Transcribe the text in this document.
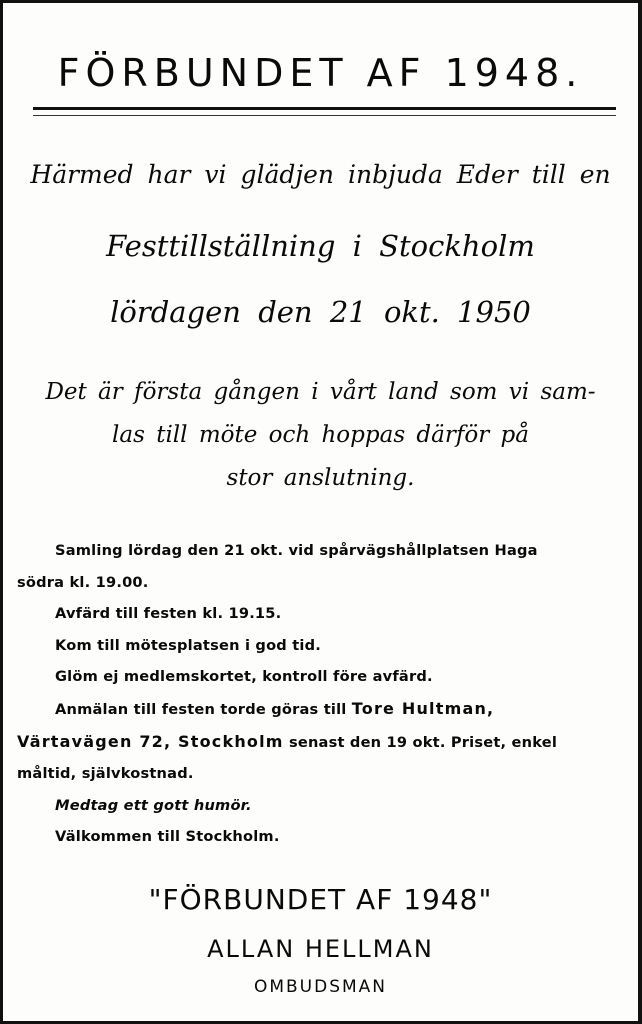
FÖRBUNDET AF 1948.
Härmed har vi glädjen inbjuda Eder till en
Festtillställning i Stockholm
lördagen den 21 okt. 1950
Det är första gången i vårt land som vi sam-
las till möte och hoppas därför på
stor anslutning.

Samling lördag den 21 okt. vid spårvägshållplatsen Haga

södra kl. 19.00.

Avfärd till festen kl. 19.15.

Kom till mötesplatsen i god tid.

Glöm ej medlemskortet, kontroll före avfärd.

Anmälan till festen torde göras till Tore Hultman,

Värtavägen 72, Stockholm senast den 19 okt. Priset, enkel

måltid, självkostnad.

Medtag ett gott humör.

Välkommen till Stockholm.

"FÖRBUNDET AF 1948"
ALLAN HELLMAN
OMBUDSMAN
